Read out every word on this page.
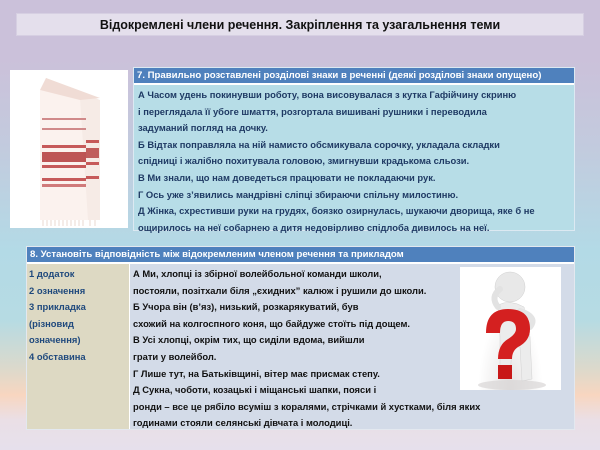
Відокремлені члени речення. Закріплення та узагальнення теми
7. Правильно розставлені розділові знаки в реченні (деякі розділові знаки опущено)
А Часом удень покинувши роботу, вона висовувалася з кутка Гафійчину скриню
і переглядала її убоге шмаття, розгортала вишивані рушники і переводила
задуманий погляд на дочку.
Б Відтак поправляла на ній намисто обсмикувала сорочку, укладала складки
спідниці і жалібно похитувала головою, змигнувши крадькома сльози.
В Ми знали, що нам доведеться працювати не покладаючи рук.
Г Ось уже з’явились мандрівні сліпці збираючи спільну милостиню.
Д Жінка, схрестивши руки на грудях, боязко озирнулась, шукаючи дворища, яке б не
ощирилось на неї собарнею а дитя недовірливо спідлоба дивилось на неї.
8. Установіть відповідність між відокремленим членом речення та прикладом
1 додаток
2 означення
3 прикладка
(різновид
означення)
4 обставина
А Ми, хлопці із збірної волейбольної команди школи,
постояли, позітхали біля „єхидних” калюж і рушили до школи.
Б Учора він (в’яз), низький, розкарякуватий, був
схожий на колгоспного коня, що байдуже стоїть під дощем.
В Усі хлопці, окрім тих, що сиділи вдома, вийшли
грати у волейбол.
Г Лише тут, на Батьківщині, вітер має присмак степу.
Д Сукна, чоботи, козацькі і міщанські шапки, пояси і
ронди – все це рябіло всуміш з коралями, стрічками й хустками, біля яких
годинами стояли селянські дівчата і молодиці.
